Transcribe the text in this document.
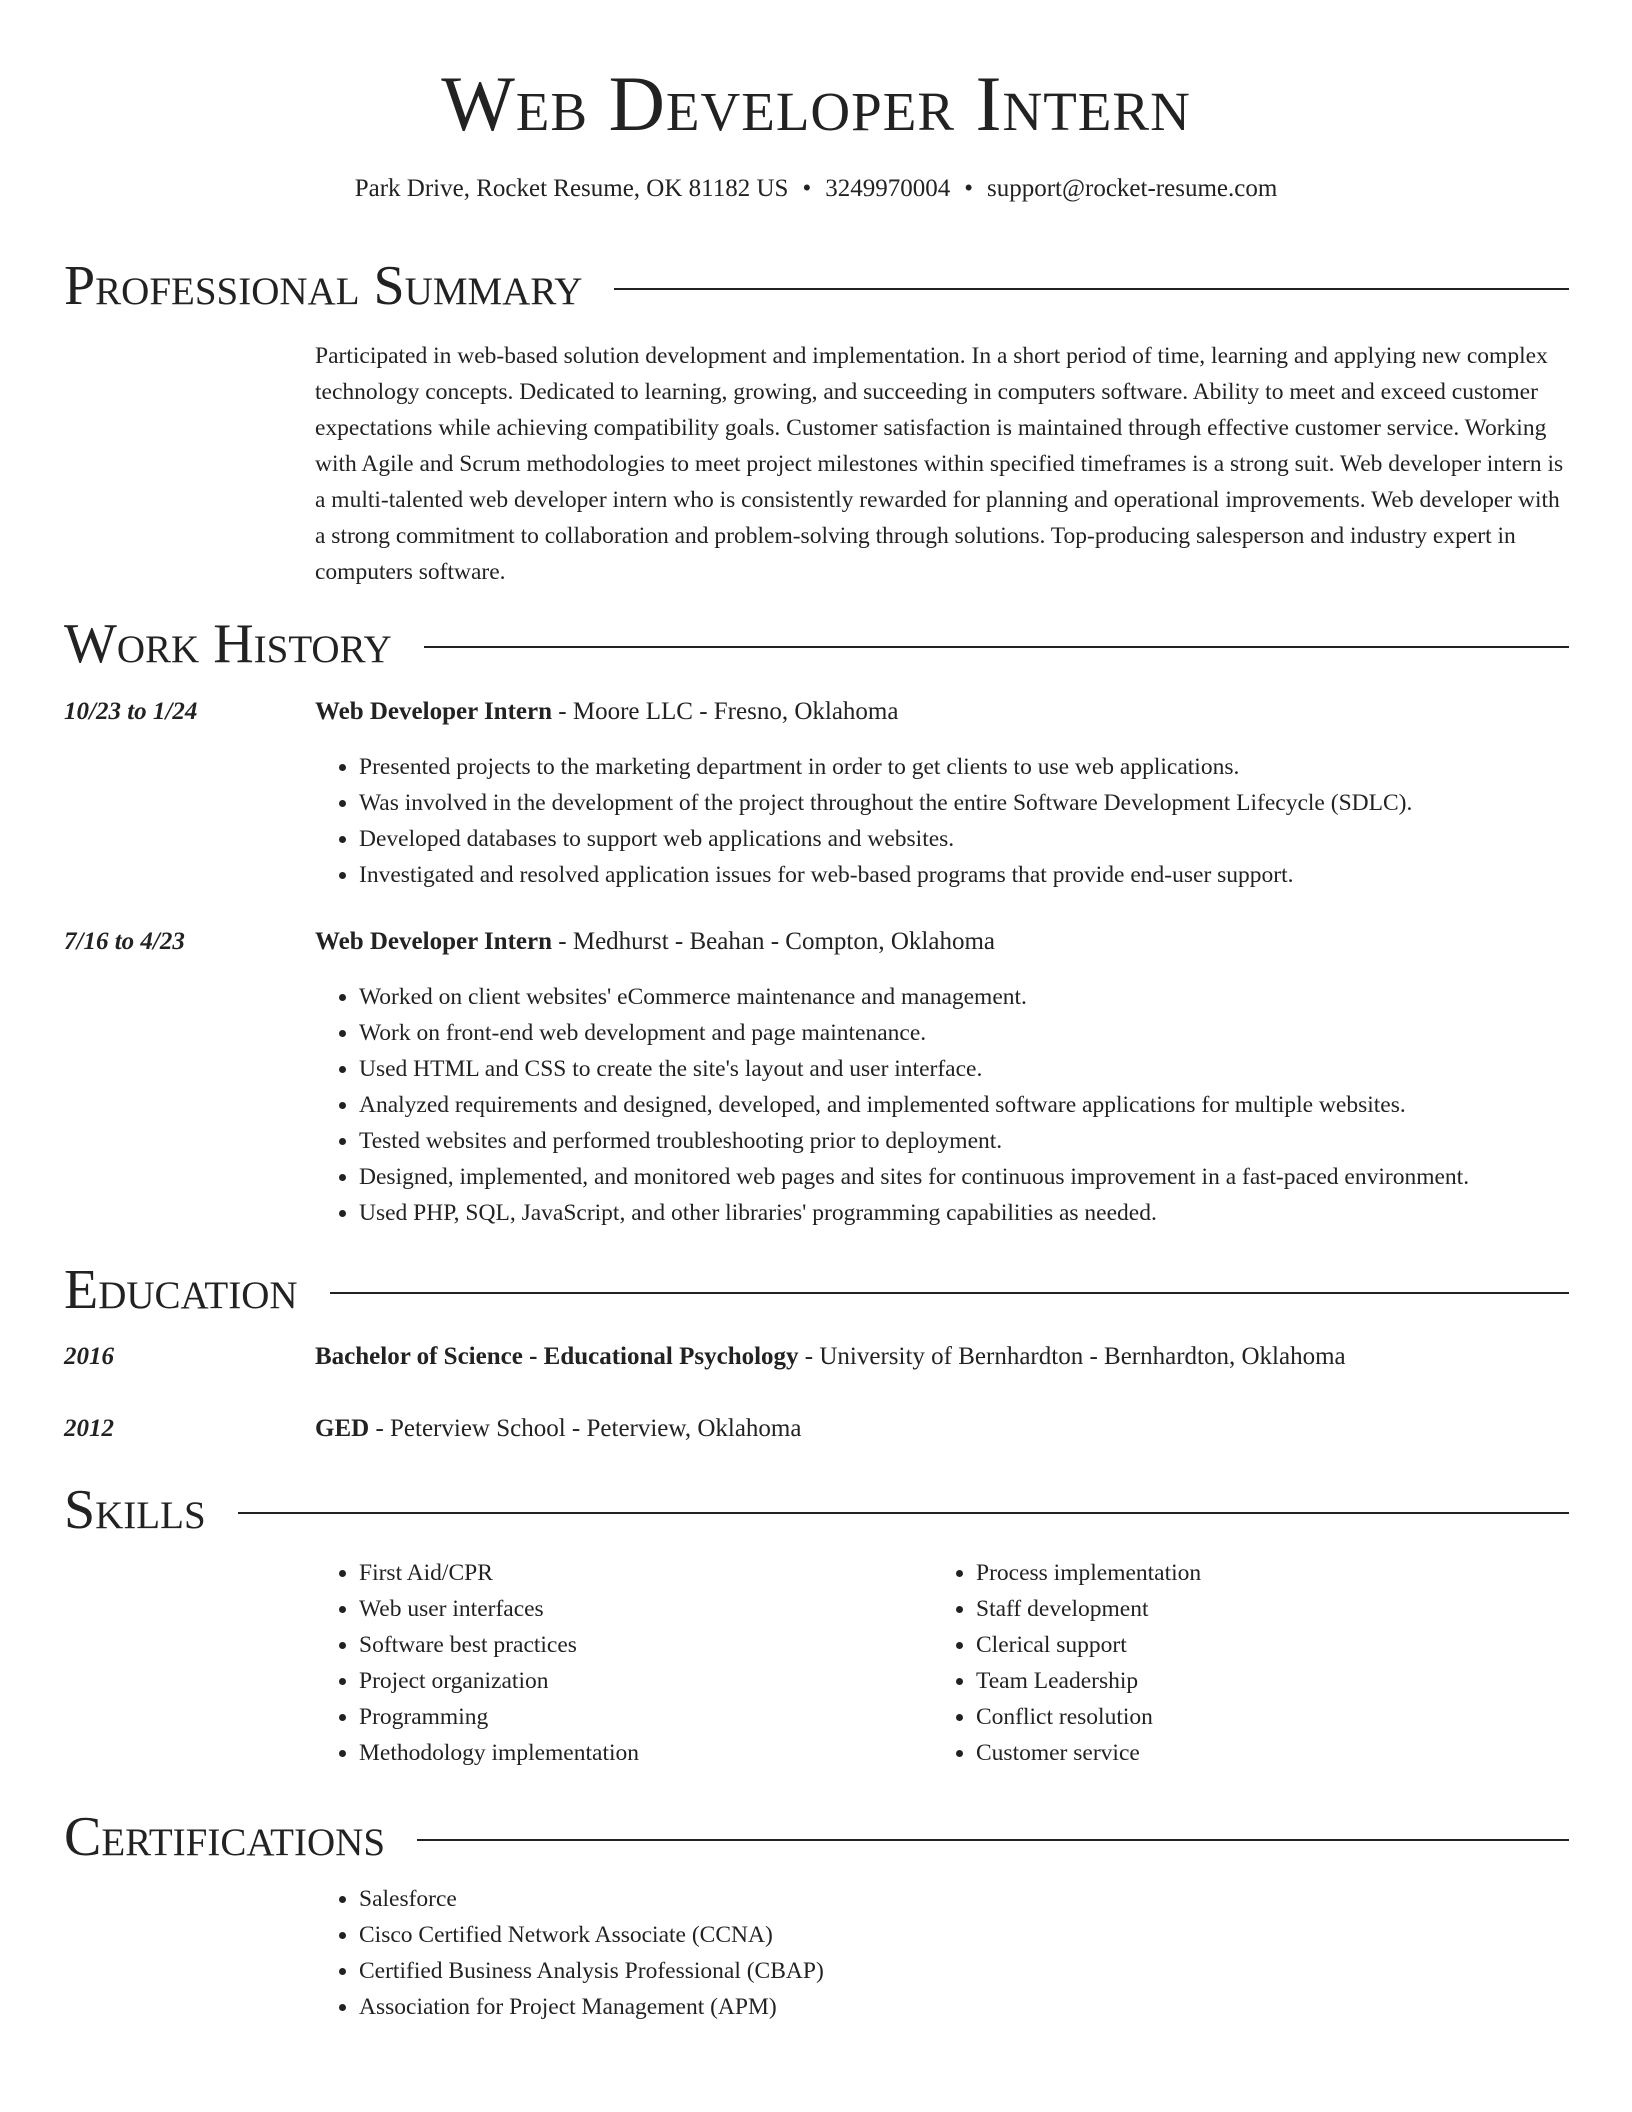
Web Developer Intern
Park Drive, Rocket Resume, OK 81182 US • 3249970004 • support@rocket-resume.com
Professional Summary

Participated in web-based solution development and implementation. In a short period of time, learning and applying new complex technology concepts. Dedicated to learning, growing, and succeeding in computers software. Ability to meet and exceed customer expectations while achieving compatibility goals. Customer satisfaction is maintained through effective customer service. Working with Agile and Scrum methodologies to meet project milestones within specified timeframes is a strong suit. Web developer intern is a multi-talented web developer intern who is consistently rewarded for planning and operational improvements. Web developer with a strong commitment to collaboration and problem-solving through solutions. Top-producing salesperson and industry expert in computers software.

Work History
10/23 to 1/24	Web Developer Intern - Moore LLC - Fresno, Oklahoma
• Presented projects to the marketing department in order to get clients to use web applications.
• Was involved in the development of the project throughout the entire Software Development Lifecycle (SDLC).
• Developed databases to support web applications and websites.
• Investigated and resolved application issues for web-based programs that provide end-user support.
7/16 to 4/23	Web Developer Intern - Medhurst - Beahan - Compton, Oklahoma
• Worked on client websites' eCommerce maintenance and management.
• Work on front-end web development and page maintenance.
• Used HTML and CSS to create the site's layout and user interface.
• Analyzed requirements and designed, developed, and implemented software applications for multiple websites.
• Tested websites and performed troubleshooting prior to deployment.
• Designed, implemented, and monitored web pages and sites for continuous improvement in a fast-paced environment.
• Used PHP, SQL, JavaScript, and other libraries' programming capabilities as needed.
Education
2016	Bachelor of Science - Educational Psychology - University of Bernhardton - Bernhardton, Oklahoma
2012	GED - Peterview School - Peterview, Oklahoma
Skills
• First Aid/CPR
• Web user interfaces
• Software best practices
• Project organization
• Programming
• Methodology implementation
• Process implementation
• Staff development
• Clerical support
• Team Leadership
• Conflict resolution
• Customer service
Certifications
• Salesforce
• Cisco Certified Network Associate (CCNA)
• Certified Business Analysis Professional (CBAP)
• Association for Project Management (APM)
